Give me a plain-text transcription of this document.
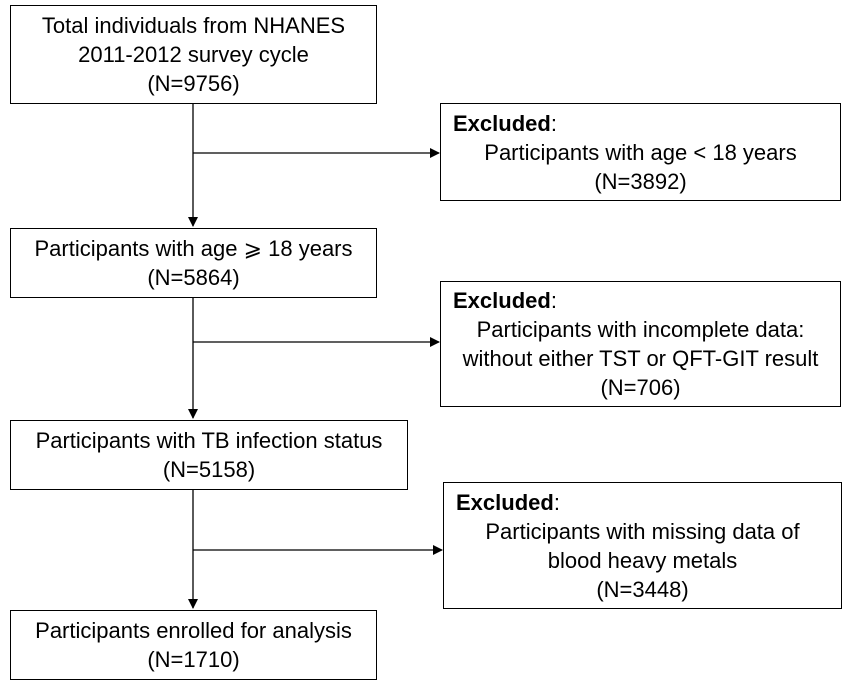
Total individuals from NHANES
2011-2012 survey cycle
(N=9756)
Participants with age ⩾ 18 years
(N=5864)
Participants with TB infection status
(N=5158)
Participants enrolled for analysis
(N=1710)
Excluded:
Participants with age < 18 years
(N=3892)
Excluded:
Participants with incomplete data:
without either TST or QFT-GIT result
(N=706)
Excluded:
Participants with missing data of
blood heavy metals
(N=3448)
